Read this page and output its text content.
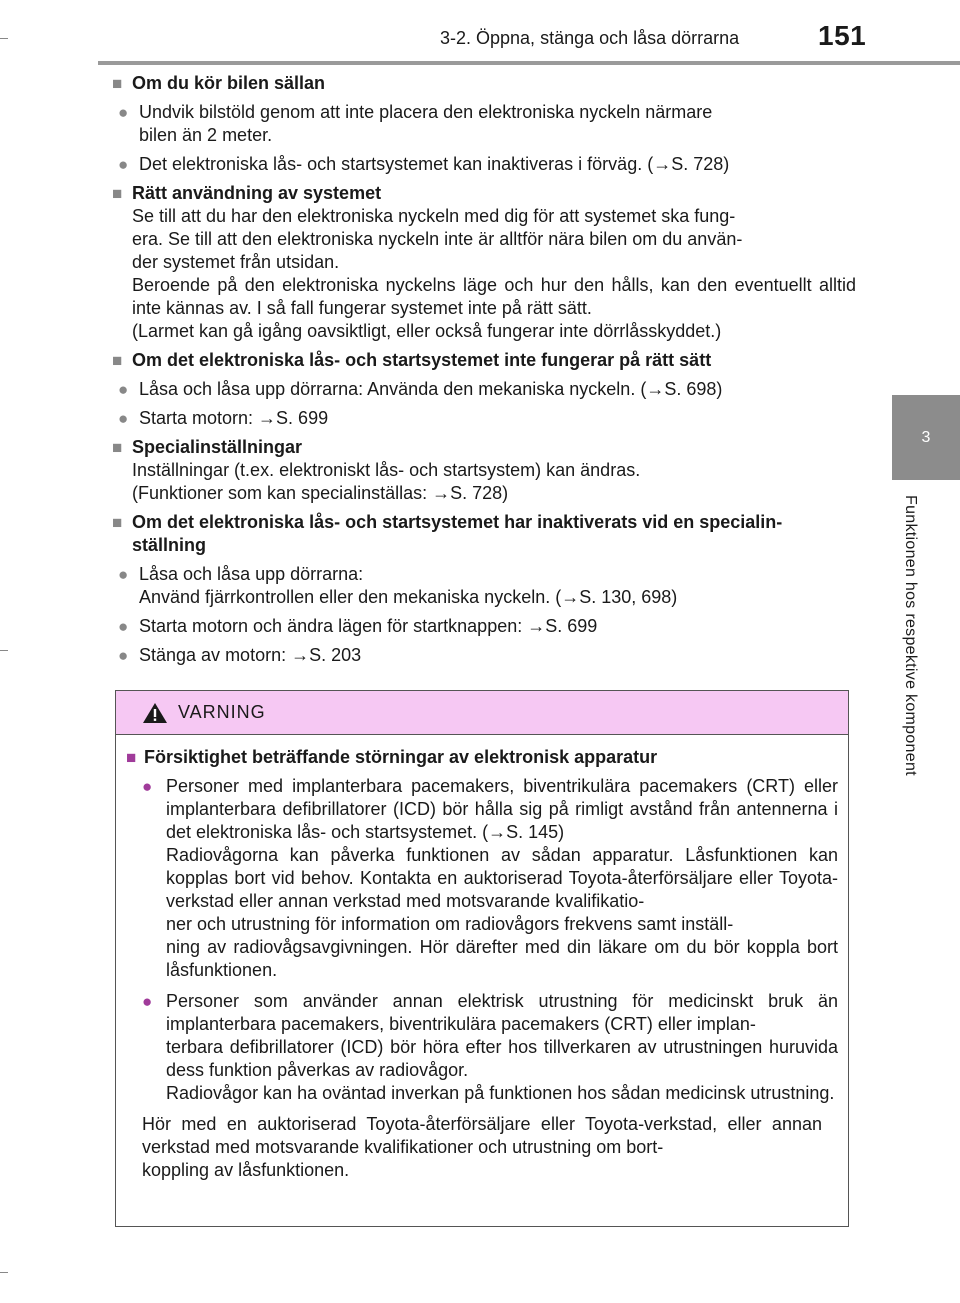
3-2. Öppna, stänga och låsa dörrarna	151
3
Funktionen hos respektive komponent
■ Om du kör bilen sällan
● Undvik bilstöld genom att inte placera den elektroniska nyckeln närmare
bilen än 2 meter.
● Det elektroniska lås- och startsystemet kan inaktiveras i förväg. (→S. 728)
■ Rätt användning av systemet
Se till att du har den elektroniska nyckeln med dig för att systemet ska fung-
era. Se till att den elektroniska nyckeln inte är alltför nära bilen om du använ-
der systemet från utsidan.
Beroende på den elektroniska nyckelns läge och hur den hålls, kan den eventuellt alltid inte kännas av. I så fall fungerar systemet inte på rätt sätt.
(Larmet kan gå igång oavsiktligt, eller också fungerar inte dörrlåsskyddet.)
■ Om det elektroniska lås- och startsystemet inte fungerar på rätt sätt
● Låsa och låsa upp dörrarna: Använda den mekaniska nyckeln. (→S. 698)
● Starta motorn: →S. 699
■ Specialinställningar
Inställningar (t.ex. elektroniskt lås- och startsystem) kan ändras.
(Funktioner som kan specialinställas: →S. 728)
■ Om det elektroniska lås- och startsystemet har inaktiverats vid en specialin-
ställning
● Låsa och låsa upp dörrarna:
Använd fjärrkontrollen eller den mekaniska nyckeln. (→S. 130, 698)
● Starta motorn och ändra lägen för startknappen: →S. 699
● Stänga av motorn: →S. 203
VARNING
■ Försiktighet beträffande störningar av elektronisk apparatur
● Personer med implanterbara pacemakers, biventrikulära pacemakers (CRT) eller implanterbara defibrillatorer (ICD) bör hålla sig på rimligt avstånd från antennerna i det elektroniska lås- och startsystemet. (→S. 145)
Radiovågorna kan påverka funktionen av sådan apparatur. Låsfunktionen kan kopplas bort vid behov. Kontakta en auktoriserad Toyota-återförsäljare eller Toyota-verkstad eller annan verkstad med motsvarande kvalifikatio-
ner och utrustning för information om radiovågors frekvens samt inställ-
ning av radiovågsavgivningen. Hör därefter med din läkare om du bör koppla bort låsfunktionen.
● Personer som använder annan elektrisk utrustning för medicinskt bruk än implanterbara pacemakers, biventrikulära pacemakers (CRT) eller implan-
terbara defibrillatorer (ICD) bör höra efter hos tillverkaren av utrustningen huruvida dess funktion påverkas av radiovågor.
Radiovågor kan ha oväntad inverkan på funktionen hos sådan medicinsk utrustning.
Hör med en auktoriserad Toyota-återförsäljare eller Toyota-verkstad, eller annan verkstad med motsvarande kvalifikationer och utrustning om bort-
koppling av låsfunktionen.
